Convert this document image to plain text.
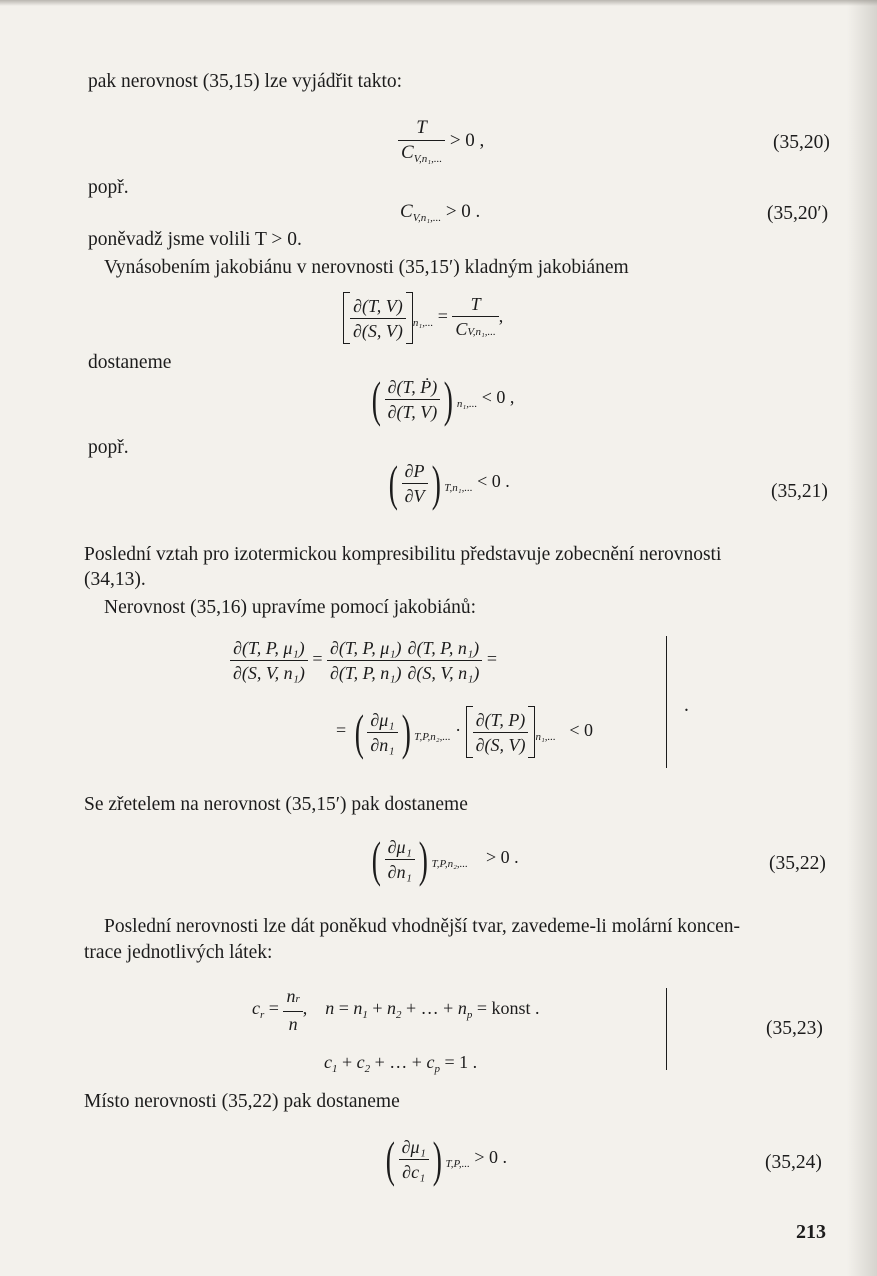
pak nerovnost (35,15) lze vyjádřit takto:
$\frac{T}{C_{V,n_1,...}} > 0$ ,	(35,20)
popř.
$C_{V,n_1,...} > 0$ .	(35,20′)
poněvadž jsme volili T > 0.
Vynásobením jakobiánu v nerovnosti (35,15′) kladným jakobiánem
$\frac{\partial(T, V)}{\partial(S, V)} _{n_1,...} = \frac{T}{\text{CV,n₁,...}}$ ,
dostaneme
( $\frac{\text{∂(T, Ṗ)}}{\partial(T, V)}$ ) $_{n_1,...}$ < 0 ,
popř.
( $\frac{\partial P}{\partial V}$ ) $_{T,n_1,...}$ < 0 .	(35,21)
Poslední vztah pro izotermickou kompresibilitu představuje zobecnění nerovnosti
(34,13).
Nerovnost (35,16) upravíme pomocí jakobiánů:
$\frac{\text{∂(T, P, μ₁)}}{\text{∂(S, V, n₁)}} = \frac{\text{∂(T, P, μ₁)}}{\text{∂(T, P, n₁)}} \frac{\text{∂(T, P, n₁)}}{\text{∂(S, V, n₁)}}$ =
= ( $\frac{\text{∂μ₁}}{\text{∂n₁}}$ ) $_{T,P,n_2,...} \cdot \frac{\partial(T, P)}{\partial(S, V)} _{n_1,...} < 0$
.
Se zřetelem na nerovnost (35,15′) pak dostaneme
( $\frac{\text{∂μ₁}}{\text{∂n₁}}$ ) $_{T,P,n_2,...}$    > 0 .	(35,22)
Poslední nerovnosti lze dát poněkud vhodnější tvar, zavedeme-li molární koncen-
trace jednotlivých látek:
$c_r = \frac{nr}{n}$ ,    $n = n_1 + n_2$ + … + $n_p$ = konst .
$c_1 + c_2$ + … + $c_p = 1$ .
(35,23)
Místo nerovnosti (35,22) pak dostaneme
( $\frac{\text{∂μ₁}}{\text{∂c₁}}$ ) $_{T,P,...}$ > 0 .	(35,24)
213
